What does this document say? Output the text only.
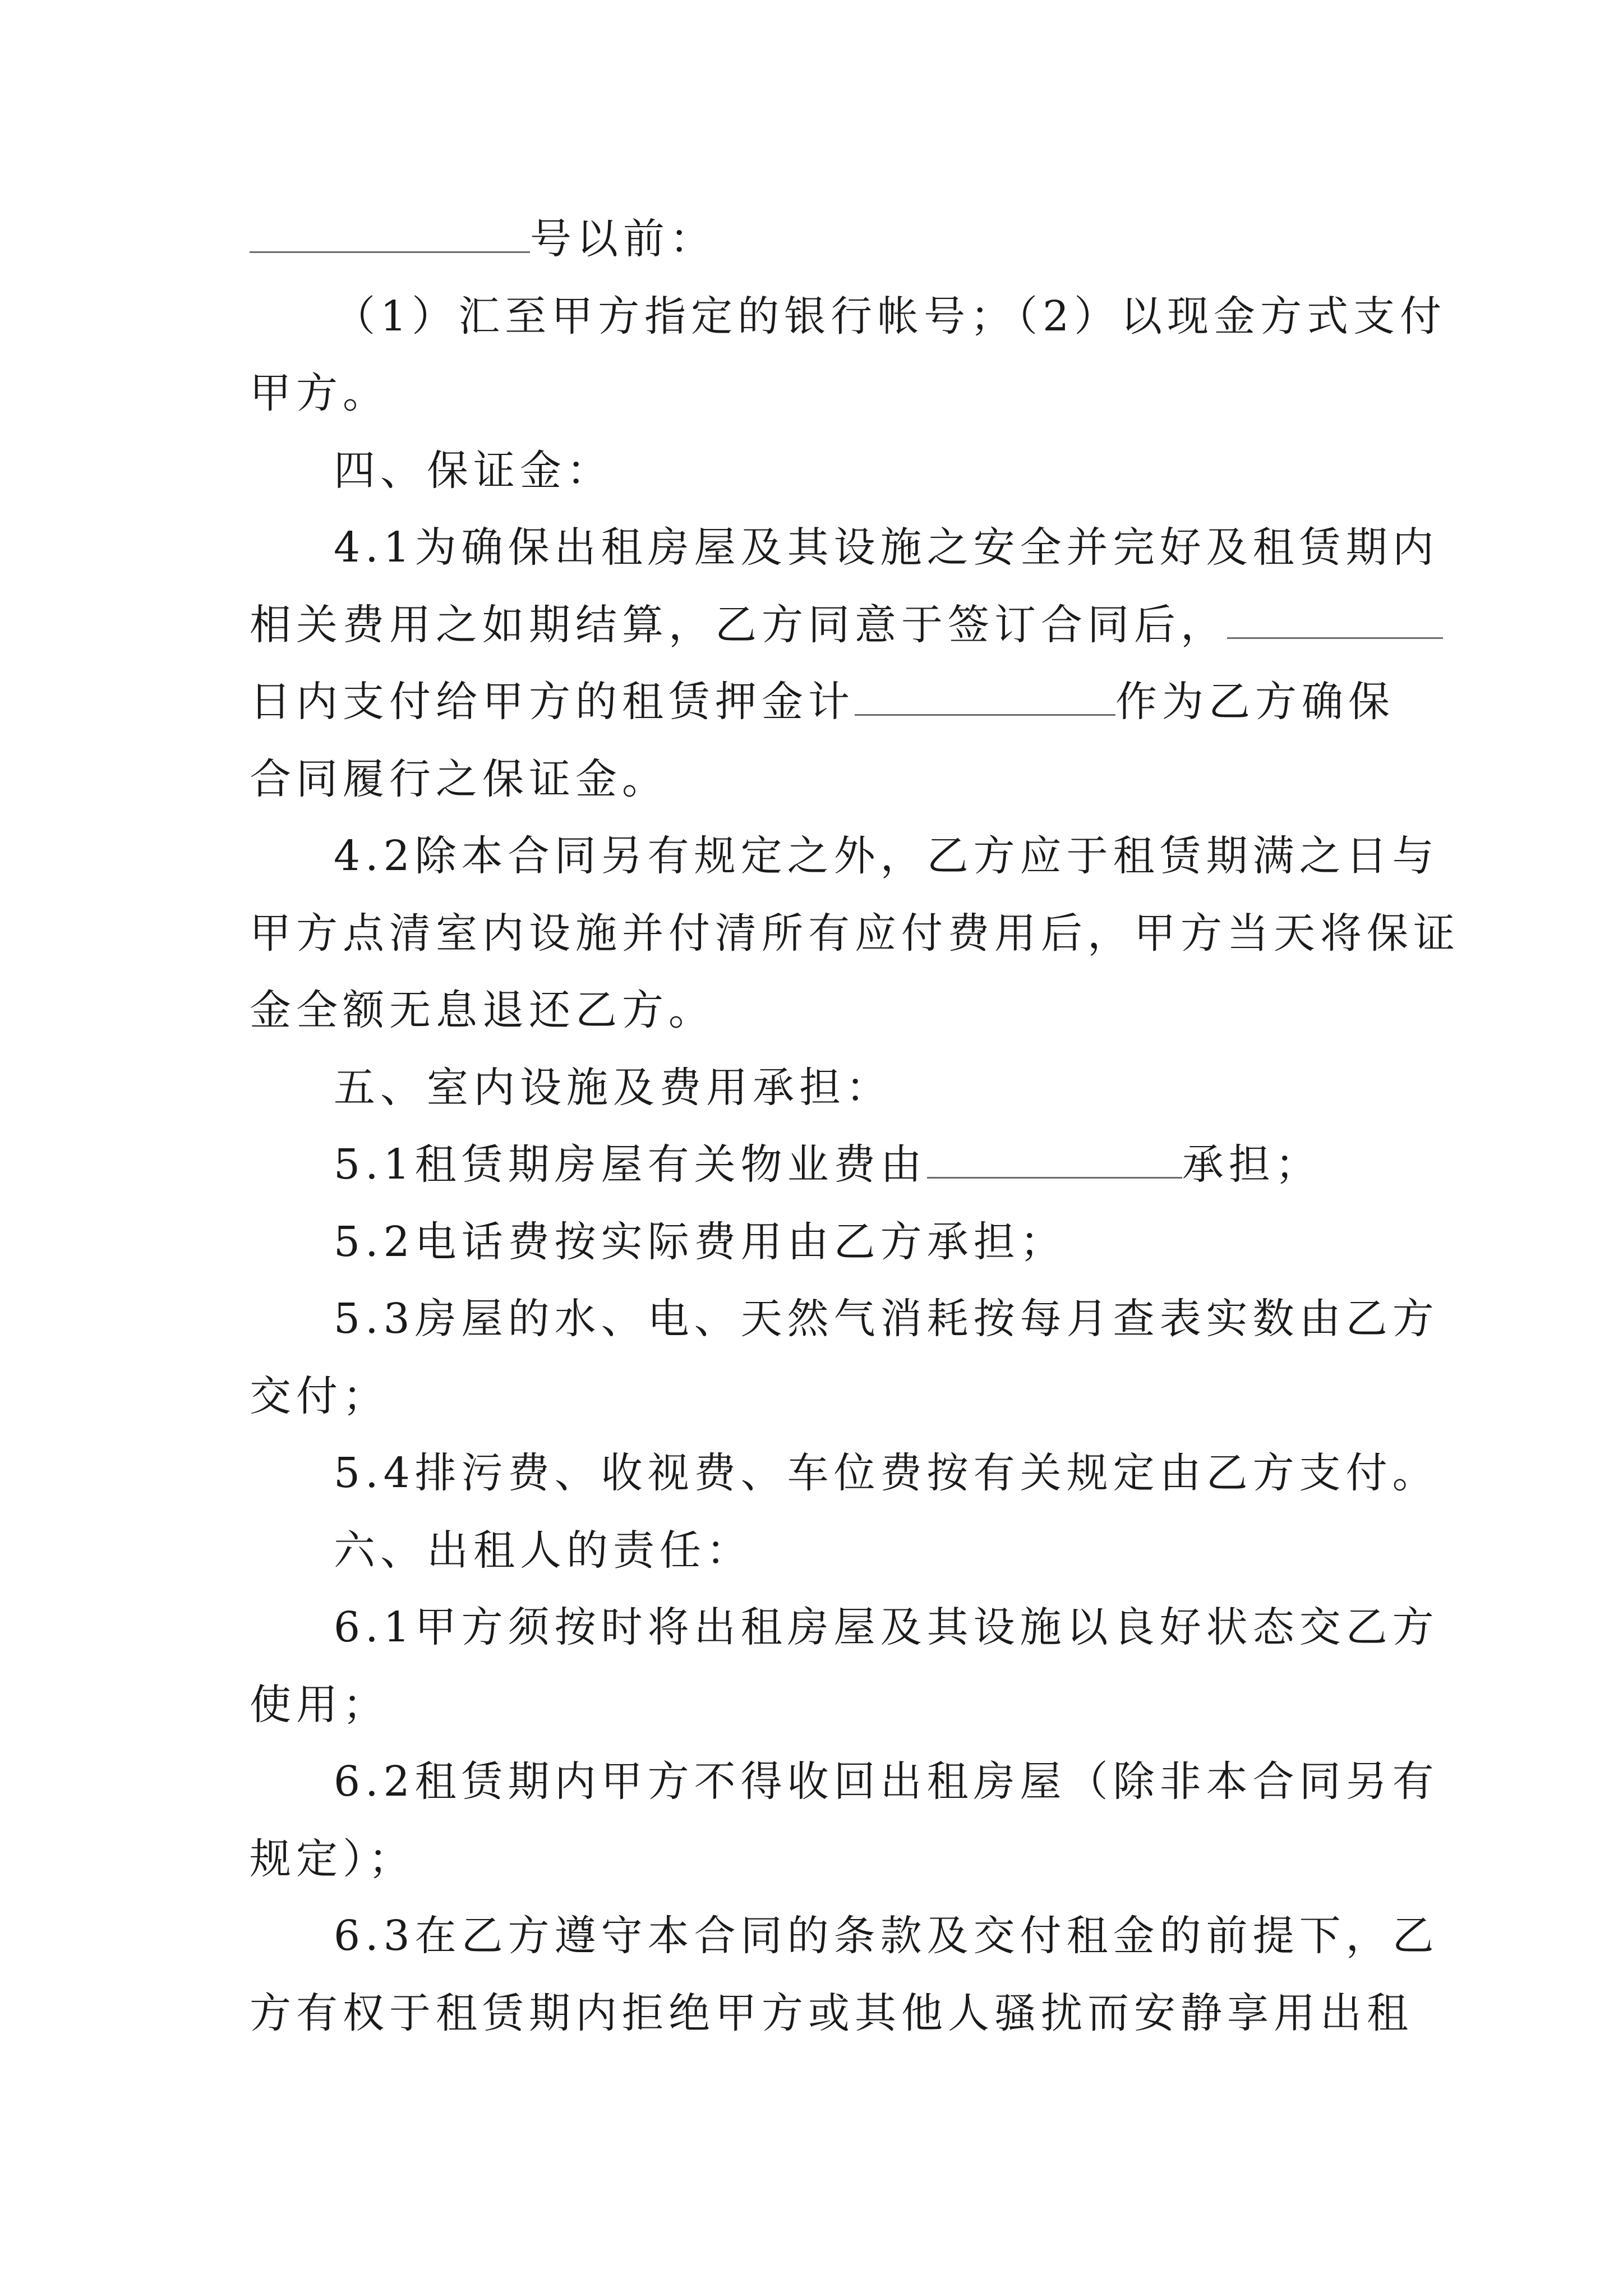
号以前：
（1）汇至甲方指定的银行帐号；（2）以现金方式支付
甲方。
四、保证金：
4.1为确保出租房屋及其设施之安全并完好及租赁期内
相关费用之如期结算，乙方同意于签订合同后，
日内支付给甲方的租赁押金计	作为乙方确保
合同履行之保证金。
4.2除本合同另有规定之外，乙方应于租赁期满之日与
甲方点清室内设施并付清所有应付费用后，甲方当天将保证
金全额无息退还乙方。
五、室内设施及费用承担：
5.1租赁期房屋有关物业费由	承担；
5.2电话费按实际费用由乙方承担；
5.3房屋的水、电、天然气消耗按每月查表实数由乙方
交付；
5.4排污费、收视费、车位费按有关规定由乙方支付。
六、出租人的责任：
6.1甲方须按时将出租房屋及其设施以良好状态交乙方
使用；
6.2租赁期内甲方不得收回出租房屋（除非本合同另有
规定）；
6.3在乙方遵守本合同的条款及交付租金的前提下，乙
方有权于租赁期内拒绝甲方或其他人骚扰而安静享用出租
